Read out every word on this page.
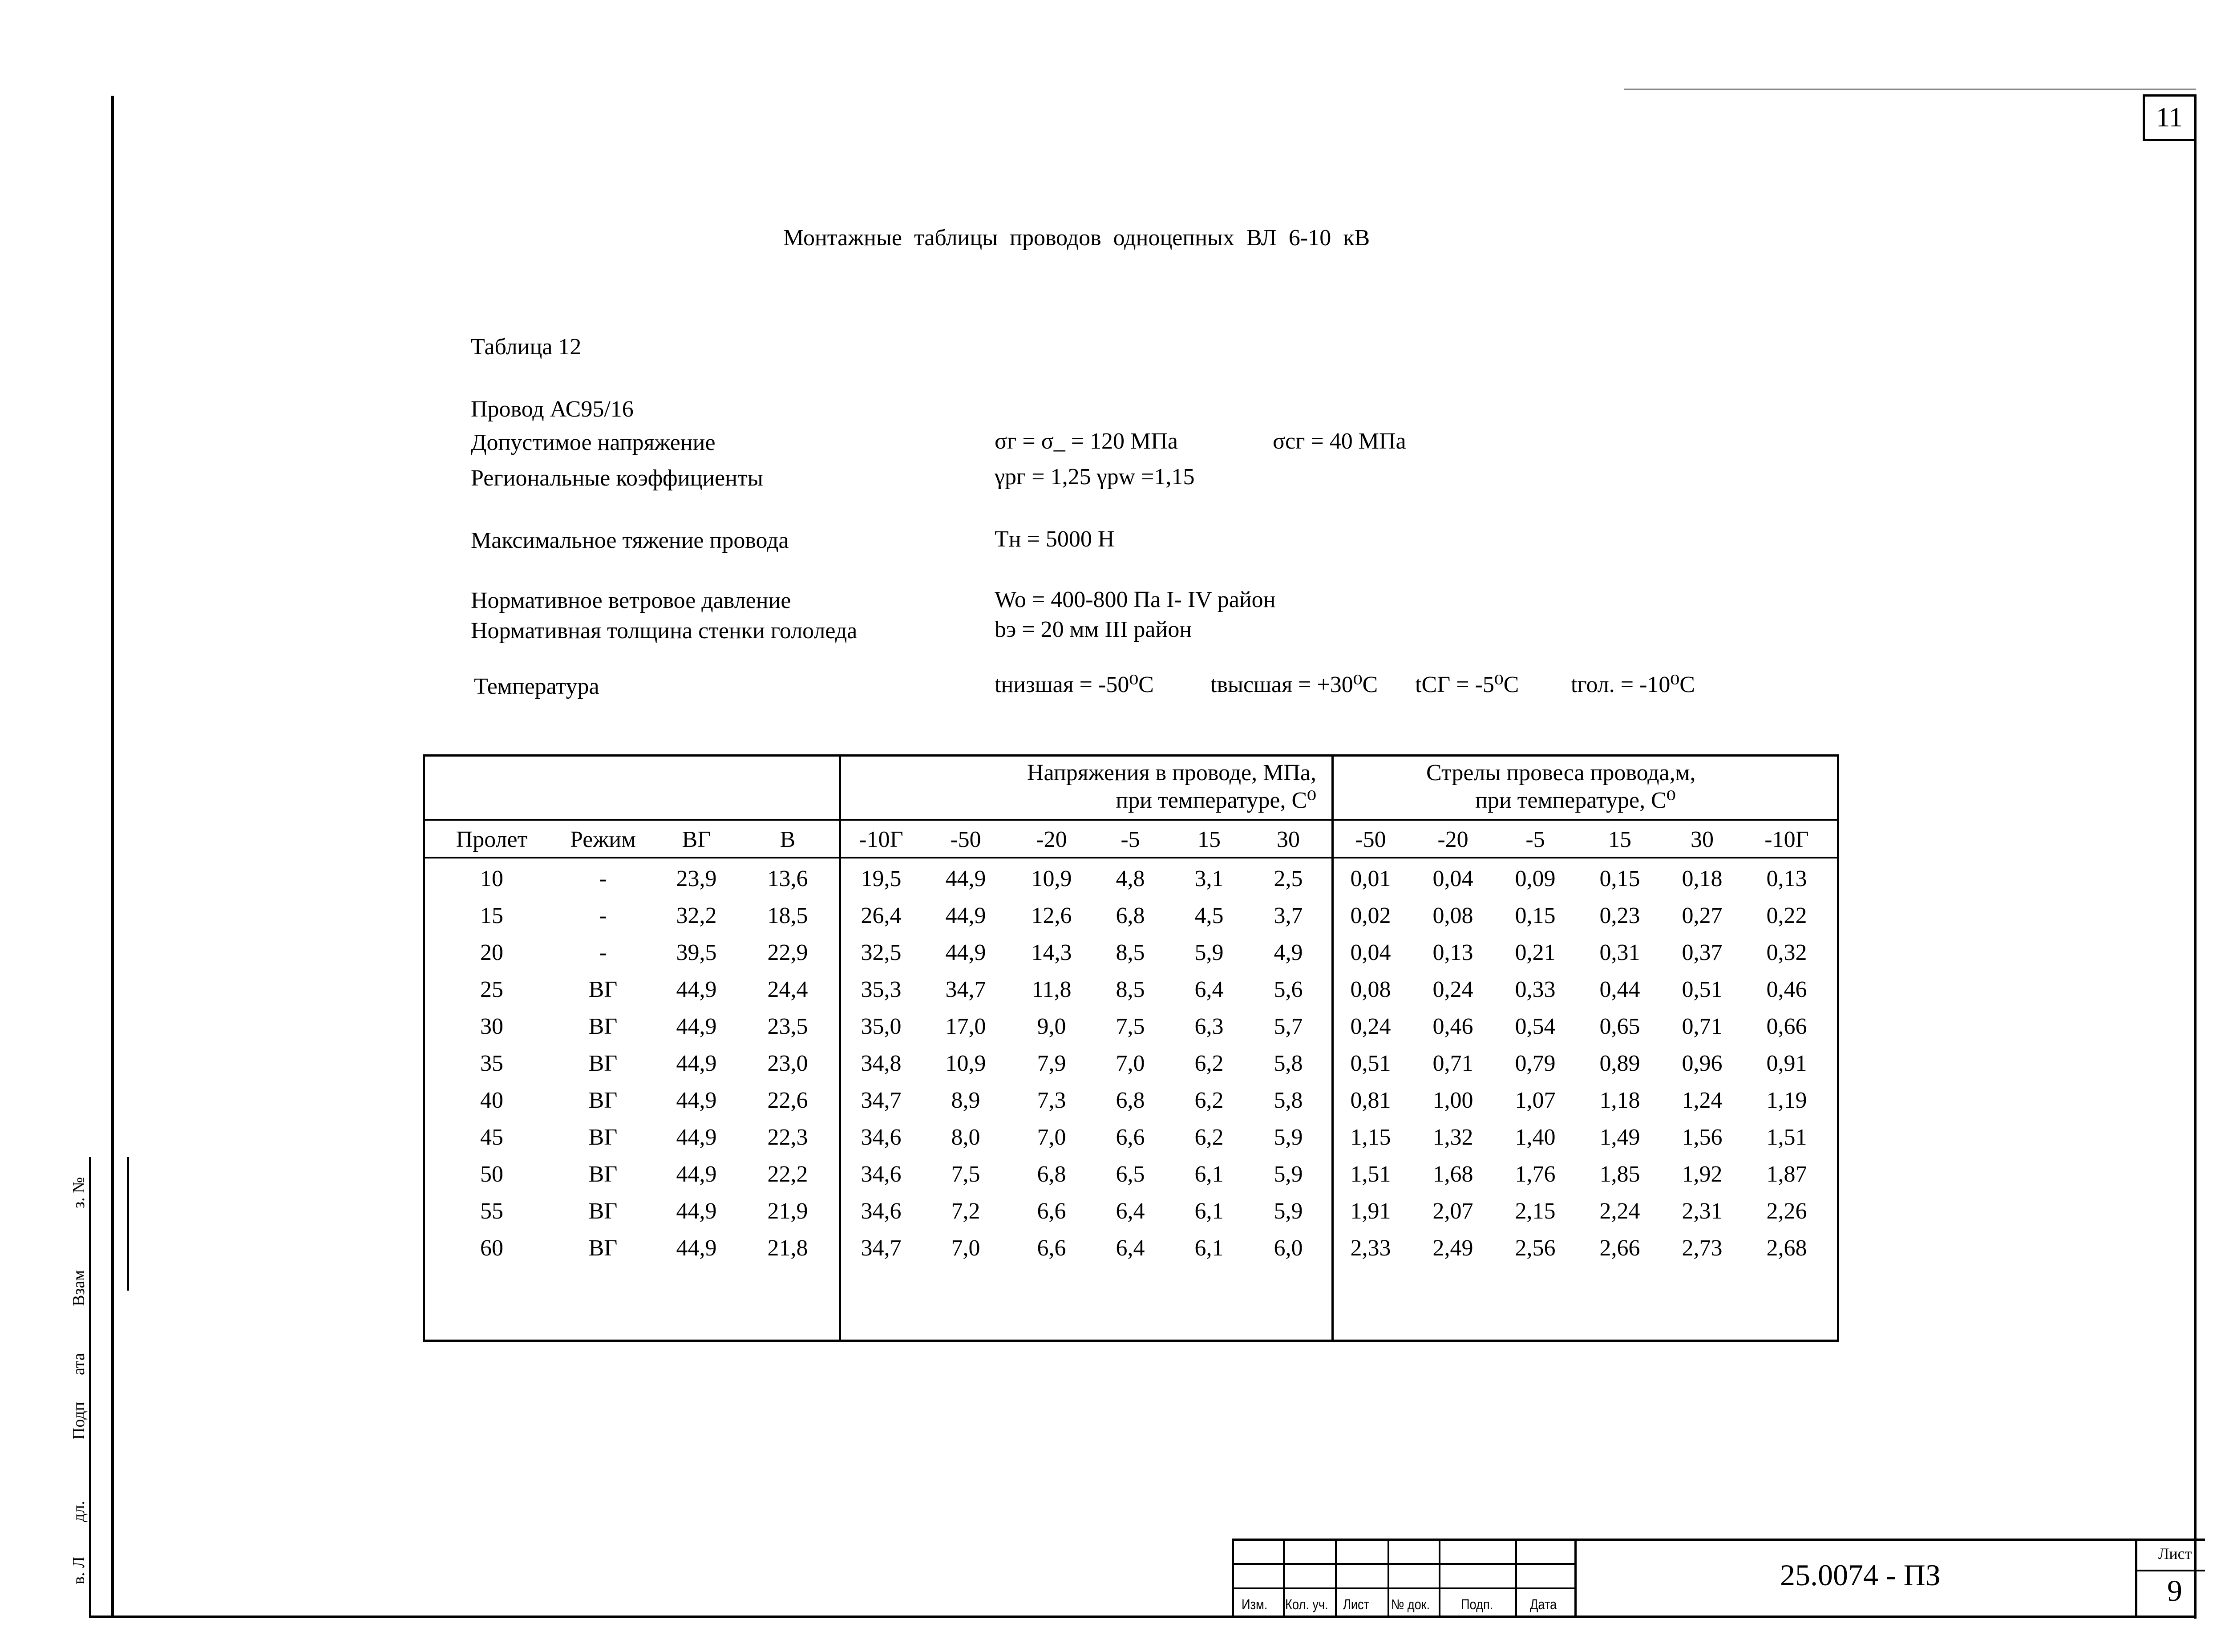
11
з. №
Взам
ата
Подп
дл.
в. Л
Монтажные таблицы проводов одноцепных ВЛ 6-10 кВ
Таблица 12
Провод АС95/16
Допустимое напряжение	σг = σ_ = 120 МПа	σсг = 40 МПа
Региональные коэффициенты	γpг = 1,25 γpw =1,15
Максимальное тяжение провода	Тн = 5000 Н
Нормативное ветровое давление	Wo = 400-800 Па I- IV район
Нормативная толщина стенки гололеда	bэ = 20 мм III район
Температура	tнизшая = -50⁰С tвысшая = +30⁰С tСГ = -5⁰С tгол. = -10⁰С
Напряжения в проводе, МПа,
при температуре, С⁰
Стрелы провеса провода,м,
при температуре, С⁰
Пролет Режим ВГ	В	-10Г -50 -20 -5 15 30 -50 -20 -5	15	30 -10Г
10	-	23,9 13,6 19,5 44,9 10,9 4,8 3,1 2,5 0,01 0,04 0,09 0,15 0,18 0,13
15	-	32,2 18,5 26,4 44,9 12,6 6,8 4,5 3,7 0,02 0,08 0,15 0,23 0,27 0,22
20	-	39,5 22,9 32,5 44,9 14,3 8,5 5,9 4,9 0,04 0,13 0,21 0,31 0,37 0,32
25	ВГ	44,9 24,4 35,3 34,7 11,8 8,5 6,4 5,6 0,08 0,24 0,33 0,44 0,51 0,46
30	ВГ	44,9 23,5 35,0 17,0 9,0 7,5 6,3 5,7 0,24 0,46 0,54 0,65 0,71 0,66
35	ВГ	44,9 23,0 34,8 10,9 7,9 7,0 6,2 5,8 0,51 0,71 0,79 0,89 0,96 0,91
40	ВГ	44,9 22,6 34,7 8,9 7,3 6,8 6,2 5,8 0,81 1,00 1,07 1,18 1,24 1,19
45	ВГ	44,9 22,3 34,6 8,0 7,0 6,6 6,2 5,9 1,15 1,32 1,40 1,49 1,56 1,51
50	ВГ	44,9 22,2 34,6 7,5 6,8 6,5 6,1 5,9 1,51 1,68 1,76 1,85 1,92 1,87
55	ВГ	44,9 21,9 34,6 7,2 6,6 6,4 6,1 5,9 1,91 2,07 2,15 2,24 2,31 2,26
60	ВГ	44,9 21,8 34,7 7,0 6,6 6,4 6,1 6,0 2,33 2,49 2,56 2,66 2,73 2,68
Изм. Кол. уч. Лист № док. Подп.	Дата
25.0074 - ПЗ
Лист
9
